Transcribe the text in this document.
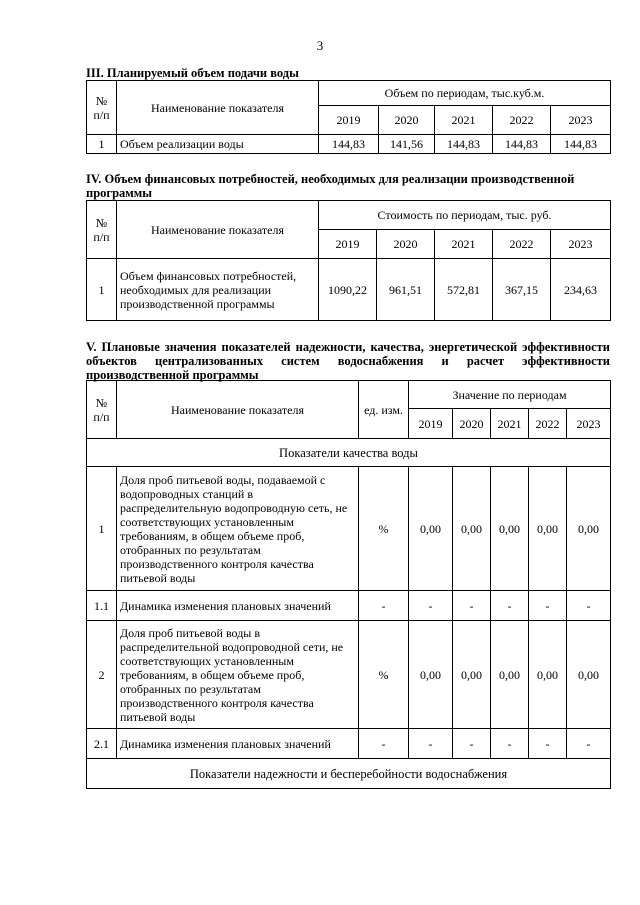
3
III. Планируемый объем подачи воды
№ п/п	Наименование показателя	Объем по периодам, тыс.куб.м.				
		2019	2020	2021	2022	2023
1	Объем реализации воды	144,83	141,56	144,83	144,83	144,83
IV. Объем финансовых потребностей, необходимых для реализации производственной программы
№ п/п	Наименование показателя	Стоимость по периодам, тыс. руб.				
		2019	2020	2021	2022	2023
1	Объем финансовых потребностей, необходимых для реализации производственной программы	1090,22	961,51	572,81	367,15	234,63
V. Плановые значения показателей надежности, качества, энергетической эффективности объектов централизованных систем водоснабжения и расчет эффективности производственной программы
№ п/п	Наименование показателя	ед. изм.	Значение по периодам				
			2019	2020	2021	2022	2023
Показатели качества воды							
1	Доля проб питьевой воды, подаваемой с водопроводных станций в распределительную водопроводную сеть, не соответствующих установленным требованиям, в общем объеме проб, отобранных по результатам производственного контроля качества питьевой воды	%	0,00	0,00	0,00	0,00	0,00
1.1	Динамика изменения плановых значений	-	-	-	-	-	-
2	Доля проб питьевой воды в распределительной водопроводной сети, не соответствующих установленным требованиям, в общем объеме проб, отобранных по результатам производственного контроля качества питьевой воды	%	0,00	0,00	0,00	0,00	0,00
2.1	Динамика изменения плановых значений	-	-	-	-	-	-
Показатели надежности и бесперебойности водоснабжения							
